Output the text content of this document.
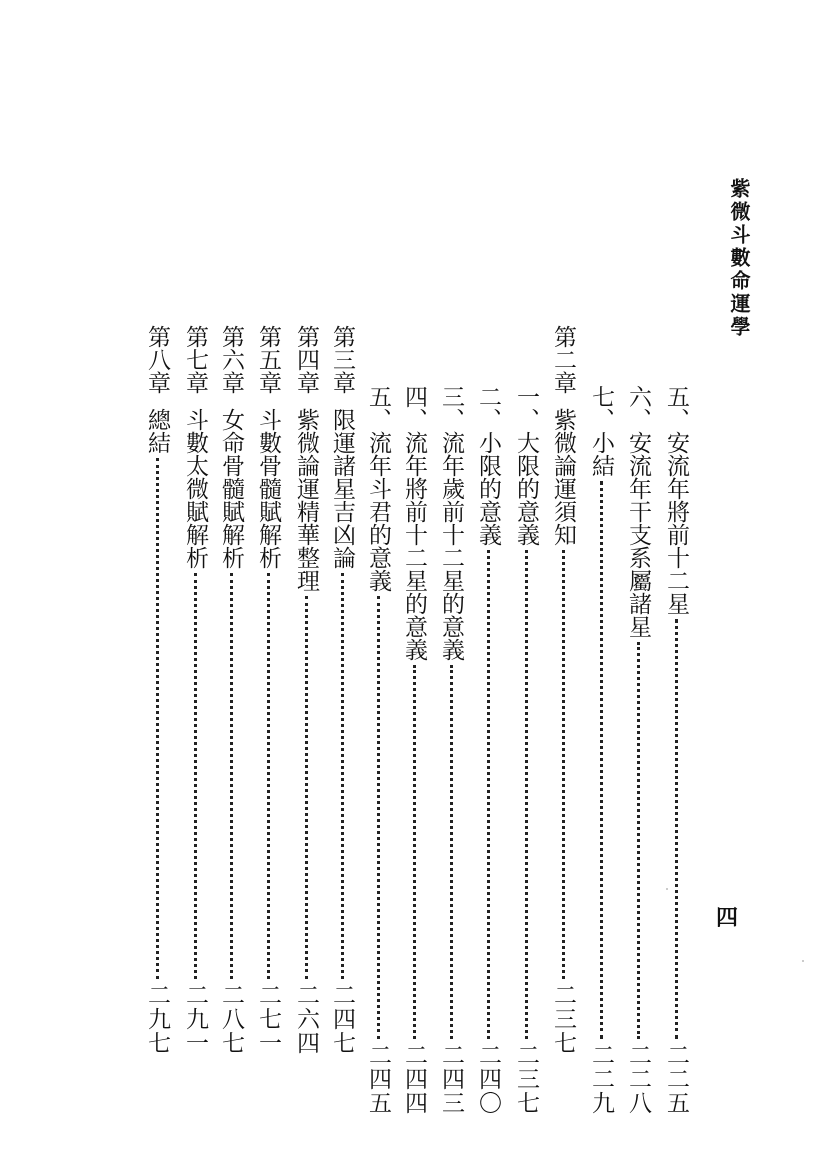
紫微斗數命運學
五、安流年將前十二星
二二五
六、安流年干支系屬諸星
二二八
七、小結
二二九
第二章
紫微論運須知
二三七
一、大限的意義
二三七
二、小限的意義
二四〇
三、流年歲前十二星的意義
二四三
四、流年將前十二星的意義
二四四
五、流年斗君的意義
二四五
第三章
限運諸星吉凶論
二四七
第四章
紫微論運精華整理
二六四
第五章
斗數骨髓賦解析
二七一
第六章
女命骨髓賦解析
二八七
第七章
斗數太微賦解析
二九一
第八章
總結
二九七
四
